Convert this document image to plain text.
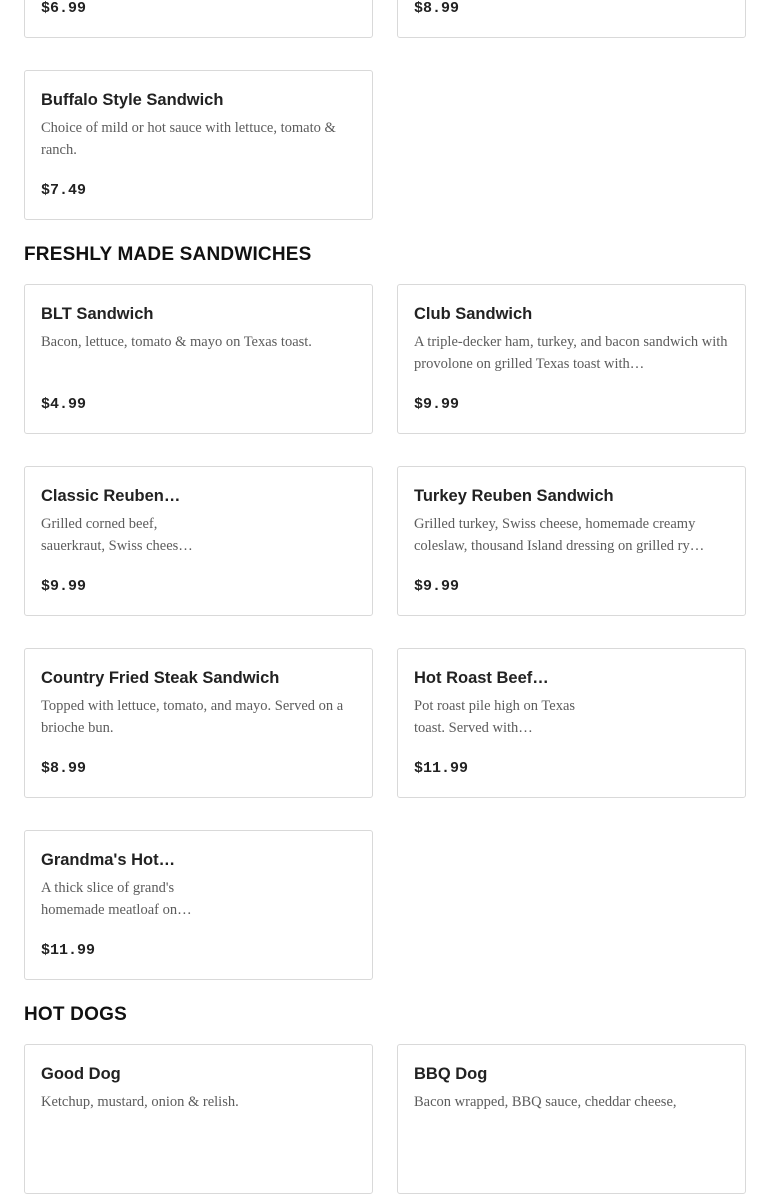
$6.99	$8.99
Buffalo Style Sandwich
Choice of mild or hot sauce with lettuce, tomato & ranch.
$7.49
FRESHLY MADE SANDWICHES
BLT Sandwich
Bacon, lettuce, tomato & mayo on Texas toast.
$4.99
Club Sandwich
A triple-decker ham, turkey, and bacon sandwich with provolone on grilled Texas toast with…
$9.99
Classic Reuben…
Grilled corned beef, sauerkraut, Swiss chees…
$9.99
Turkey Reuben Sandwich
Grilled turkey, Swiss cheese, homemade creamy coleslaw, thousand Island dressing on grilled ry…
$9.99
Country Fried Steak Sandwich
Topped with lettuce, tomato, and mayo. Served on a brioche bun.
$8.99
Hot Roast Beef…
Pot roast pile high on Texas toast. Served with…
$11.99
Grandma's Hot…
A thick slice of grand's homemade meatloaf on…
$11.99
HOT DOGS
Good Dog
Ketchup, mustard, onion & relish.
BBQ Dog
Bacon wrapped, BBQ sauce, cheddar cheese,
